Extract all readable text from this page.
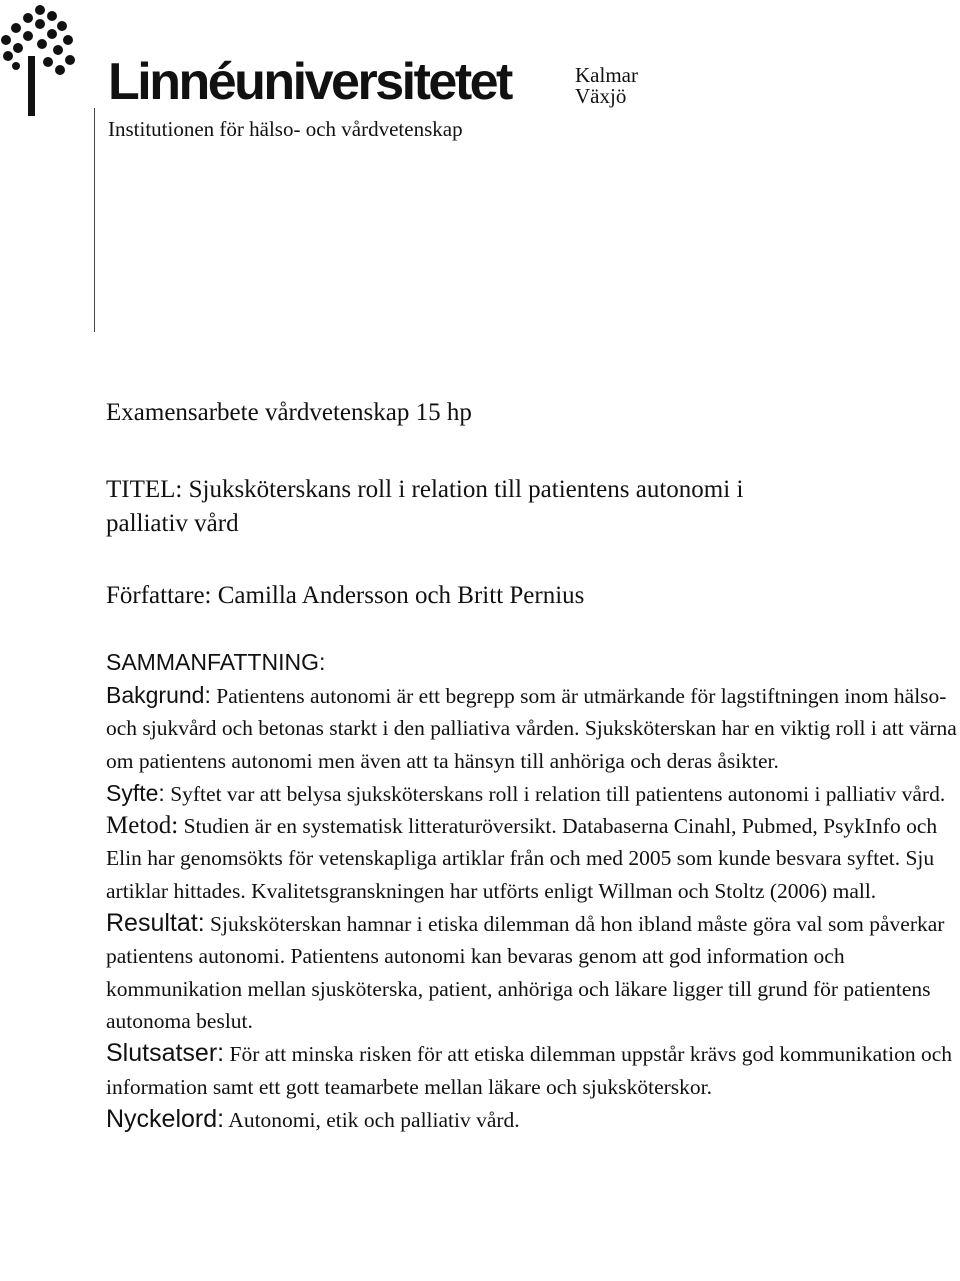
Linnéuniversitetet	Kalmar
Växjö
Institutionen för hälso- och vårdvetenskap

Examensarbete vårdvetenskap 15 hp

TITEL: Sjuksköterskans roll i relation till patientens autonomi i
palliativ vård

Författare: Camilla Andersson och Britt Pernius

SAMMANFATTNING:

Bakgrund: Patientens autonomi är ett begrepp som är utmärkande för lagstiftningen inom hälso- och sjukvård och betonas starkt i den palliativa vården. Sjuksköterskan har en viktig roll i att värna om patientens autonomi men även att ta hänsyn till anhöriga och deras åsikter.

Syfte: Syftet var att belysa sjuksköterskans roll i relation till patientens autonomi i palliativ vård.

Metod: Studien är en systematisk litteraturöversikt. Databaserna Cinahl, Pubmed, PsykInfo och Elin har genomsökts för vetenskapliga artiklar från och med 2005 som kunde besvara syftet. Sju artiklar hittades. Kvalitetsgranskningen har utförts enligt Willman och Stoltz (2006) mall.

Resultat: Sjuksköterskan hamnar i etiska dilemman då hon ibland måste göra val som påverkar patientens autonomi. Patientens autonomi kan bevaras genom att god information och kommunikation mellan sjusköterska, patient, anhöriga och läkare ligger till grund för patientens autonoma beslut.

Slutsatser: För att minska risken för att etiska dilemman uppstår krävs god kommunikation och information samt ett gott teamarbete mellan läkare och sjuksköterskor.

Nyckelord: Autonomi, etik och palliativ vård.
